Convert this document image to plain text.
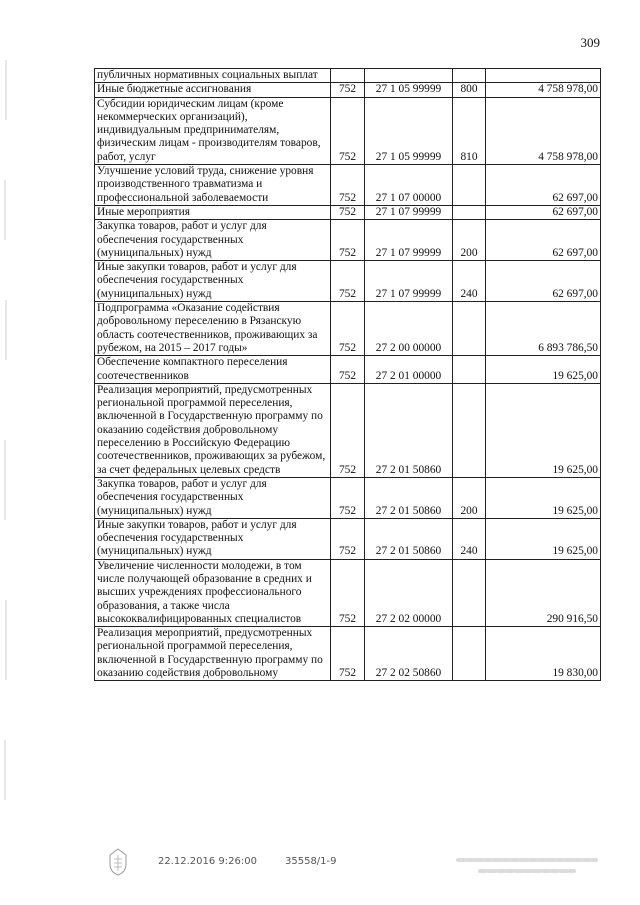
309
публичных нормативных социальных выплат				
Иные бюджетные ассигнования	752	27 1 05 99999	800	4 758 978,00
Субсидии юридическим лицам (кроме некоммерческих организаций), индивидуальным предпринимателям, физическим лицам - производителям товаров, работ, услуг	752	27 1 05 99999	810	4 758 978,00
Улучшение условий труда, снижение уровня производственного травматизма и профессиональной заболеваемости	752	27 1 07 00000		62 697,00
Иные мероприятия	752	27 1 07 99999		62 697,00
Закупка товаров, работ и услуг для обеспечения государственных (муниципальных) нужд	752	27 1 07 99999	200	62 697,00
Иные закупки товаров, работ и услуг для обеспечения государственных (муниципальных) нужд	752	27 1 07 99999	240	62 697,00
Подпрограмма «Оказание содействия добровольному переселению в Рязанскую область соотечественников, проживающих за рубежом, на 2015 – 2017 годы»	752	27 2 00 00000		6 893 786,50
Обеспечение компактного переселения соотечественников	752	27 2 01 00000		19 625,00
Реализация мероприятий, предусмотренных региональной программой переселения, включенной в Государственную программу по оказанию содействия добровольному переселению в Российскую Федерацию соотечественников, проживающих за рубежом, за счет федеральных целевых средств	752	27 2 01 50860		19 625,00
Закупка товаров, работ и услуг для обеспечения государственных (муниципальных) нужд	752	27 2 01 50860	200	19 625,00
Иные закупки товаров, работ и услуг для обеспечения государственных (муниципальных) нужд	752	27 2 01 50860	240	19 625,00
Увеличение численности молодежи, в том числе получающей образование в средних и высших учреждениях профессионального образования, а также числа высококвалифицированных специалистов	752	27 2 02 00000		290 916,50
Реализация мероприятий, предусмотренных региональной программой переселения, включенной в Государственную программу по оказанию содействия добровольному	752	27 2 02 50860		19 830,00
22.12.2016 9:26:00	35558/1-9
